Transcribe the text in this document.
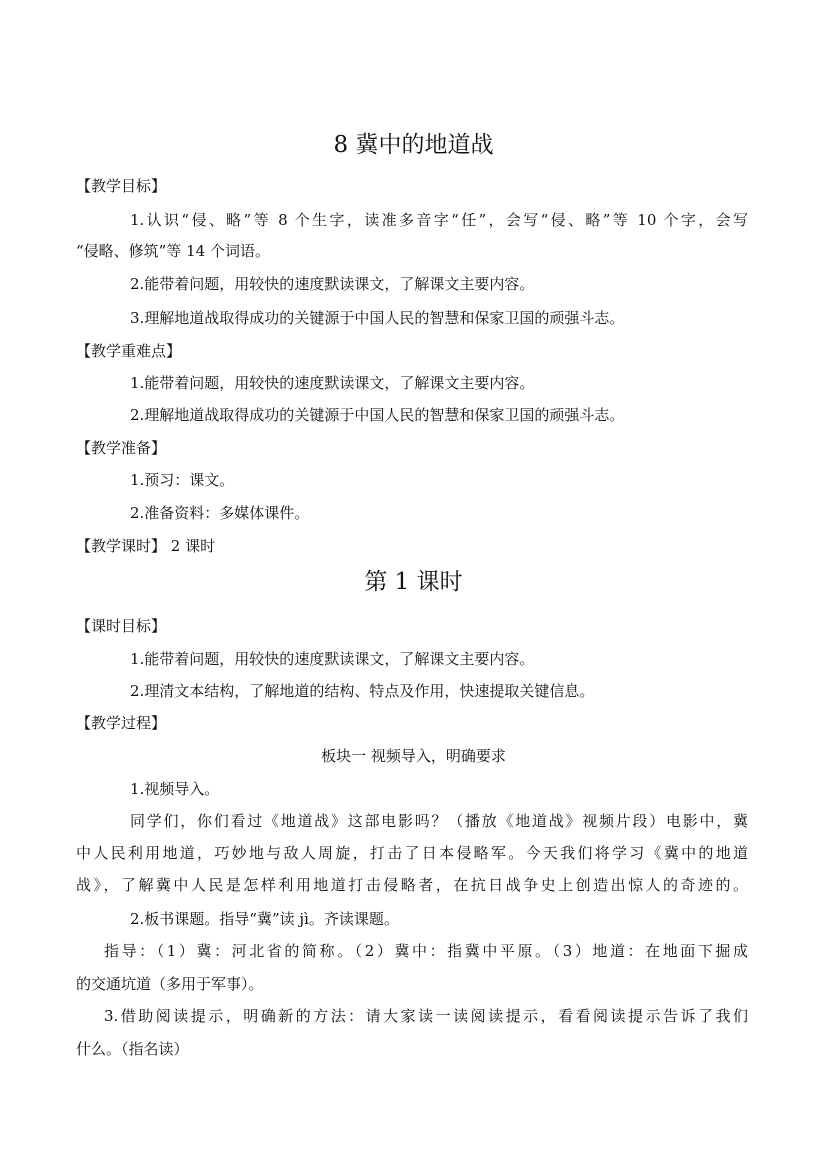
8 冀中的地道战
【教学目标】
1.认识“侵、略”等 8 个生字，读准多音字“任”，会写“侵、略”等 10 个字，会写
“侵略、修筑”等 14 个词语。
2.能带着问题，用较快的速度默读课文，了解课文主要内容。
3.理解地道战取得成功的关键源于中国人民的智慧和保家卫国的顽强斗志。
【教学重难点】
1.能带着问题，用较快的速度默读课文，了解课文主要内容。
2.理解地道战取得成功的关键源于中国人民的智慧和保家卫国的顽强斗志。
【教学准备】
1.预习：课文。
2.准备资料：多媒体课件。
【教学课时】 2 课时
第 1 课时
【课时目标】
1.能带着问题，用较快的速度默读课文，了解课文主要内容。
2.理清文本结构，了解地道的结构、特点及作用，快速提取关键信息。
【教学过程】
板块一 视频导入，明确要求
1.视频导入。
同学们，你们看过《地道战》这部电影吗？（播放《地道战》视频片段）电影中，冀
中人民利用地道，巧妙地与敌人周旋，打击了日本侵略军。今天我们将学习《冀中的地道
战》，了解冀中人民是怎样利用地道打击侵略者，在抗日战争史上创造出惊人的奇迹的。
2.板书课题。指导“冀”读 jì。齐读课题。
指导：（1）冀：河北省的简称。（2）冀中：指冀中平原。（3）地道：在地面下掘成
的交通坑道（多用于军事）。
3.借助阅读提示，明确新的方法：请大家读一读阅读提示，看看阅读提示告诉了我们
什么。（指名读）
